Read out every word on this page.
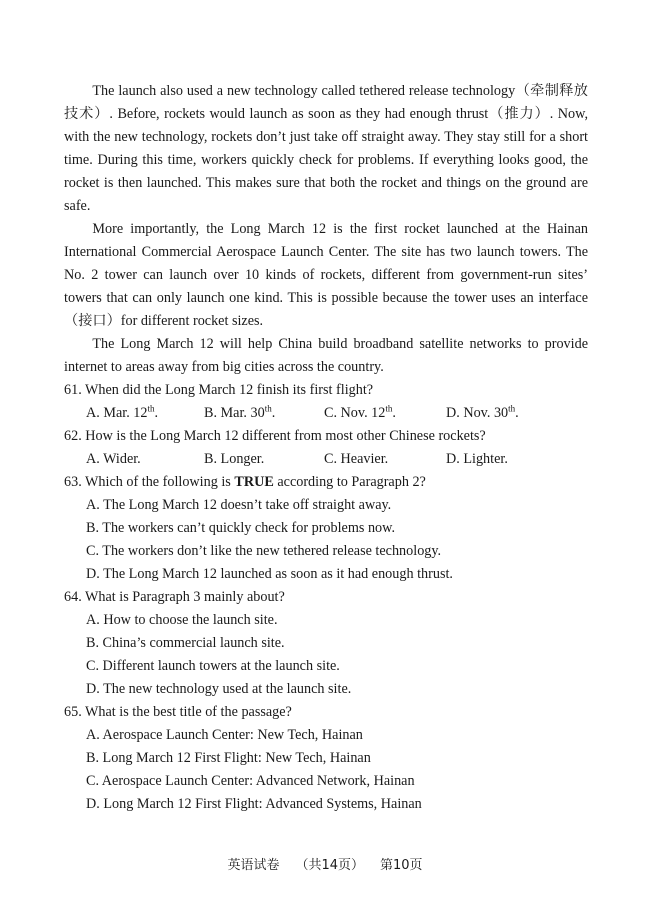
The launch also used a new technology called tethered release technology（牵制释放技术）. Before, rockets would launch as soon as they had enough thrust（推力）. Now, with the new technology, rockets don’t just take off straight away. They stay still for a short time. During this time, workers quickly check for problems. If everything looks good, the rocket is then launched. This makes sure that both the rocket and things on the ground are safe.

More importantly, the Long March 12 is the first rocket launched at the Hainan International Commercial Aerospace Launch Center. The site has two launch towers. The No. 2 tower can launch over 10 kinds of rockets, different from government-run sites’ towers that can only launch one kind. This is possible because the tower uses an interface（接口）for different rocket sizes.

The Long March 12 will help China build broadband satellite networks to provide internet to areas away from big cities across the country.

61. When did the Long March 12 finish its first flight?

A. Mar. 12th.	B. Mar. 30th.	C. Nov. 12th.	D. Nov. 30th.

62. How is the Long March 12 different from most other Chinese rockets?

A. Wider.	B. Longer.	C. Heavier.	D. Lighter.

63. Which of the following is TRUE according to Paragraph 2?

A. The Long March 12 doesn’t take off straight away.

B. The workers can’t quickly check for problems now.

C. The workers don’t like the new tethered release technology.

D. The Long March 12 launched as soon as it had enough thrust.

64. What is Paragraph 3 mainly about?

A. How to choose the launch site.

B. China’s commercial launch site.

C. Different launch towers at the launch site.

D. The new technology used at the launch site.

65. What is the best title of the passage?

A. Aerospace Launch Center: New Tech, Hainan

B. Long March 12 First Flight: New Tech, Hainan

C. Aerospace Launch Center: Advanced Network, Hainan

D. Long March 12 First Flight: Advanced Systems, Hainan

英语试卷 （共14页） 第10页
